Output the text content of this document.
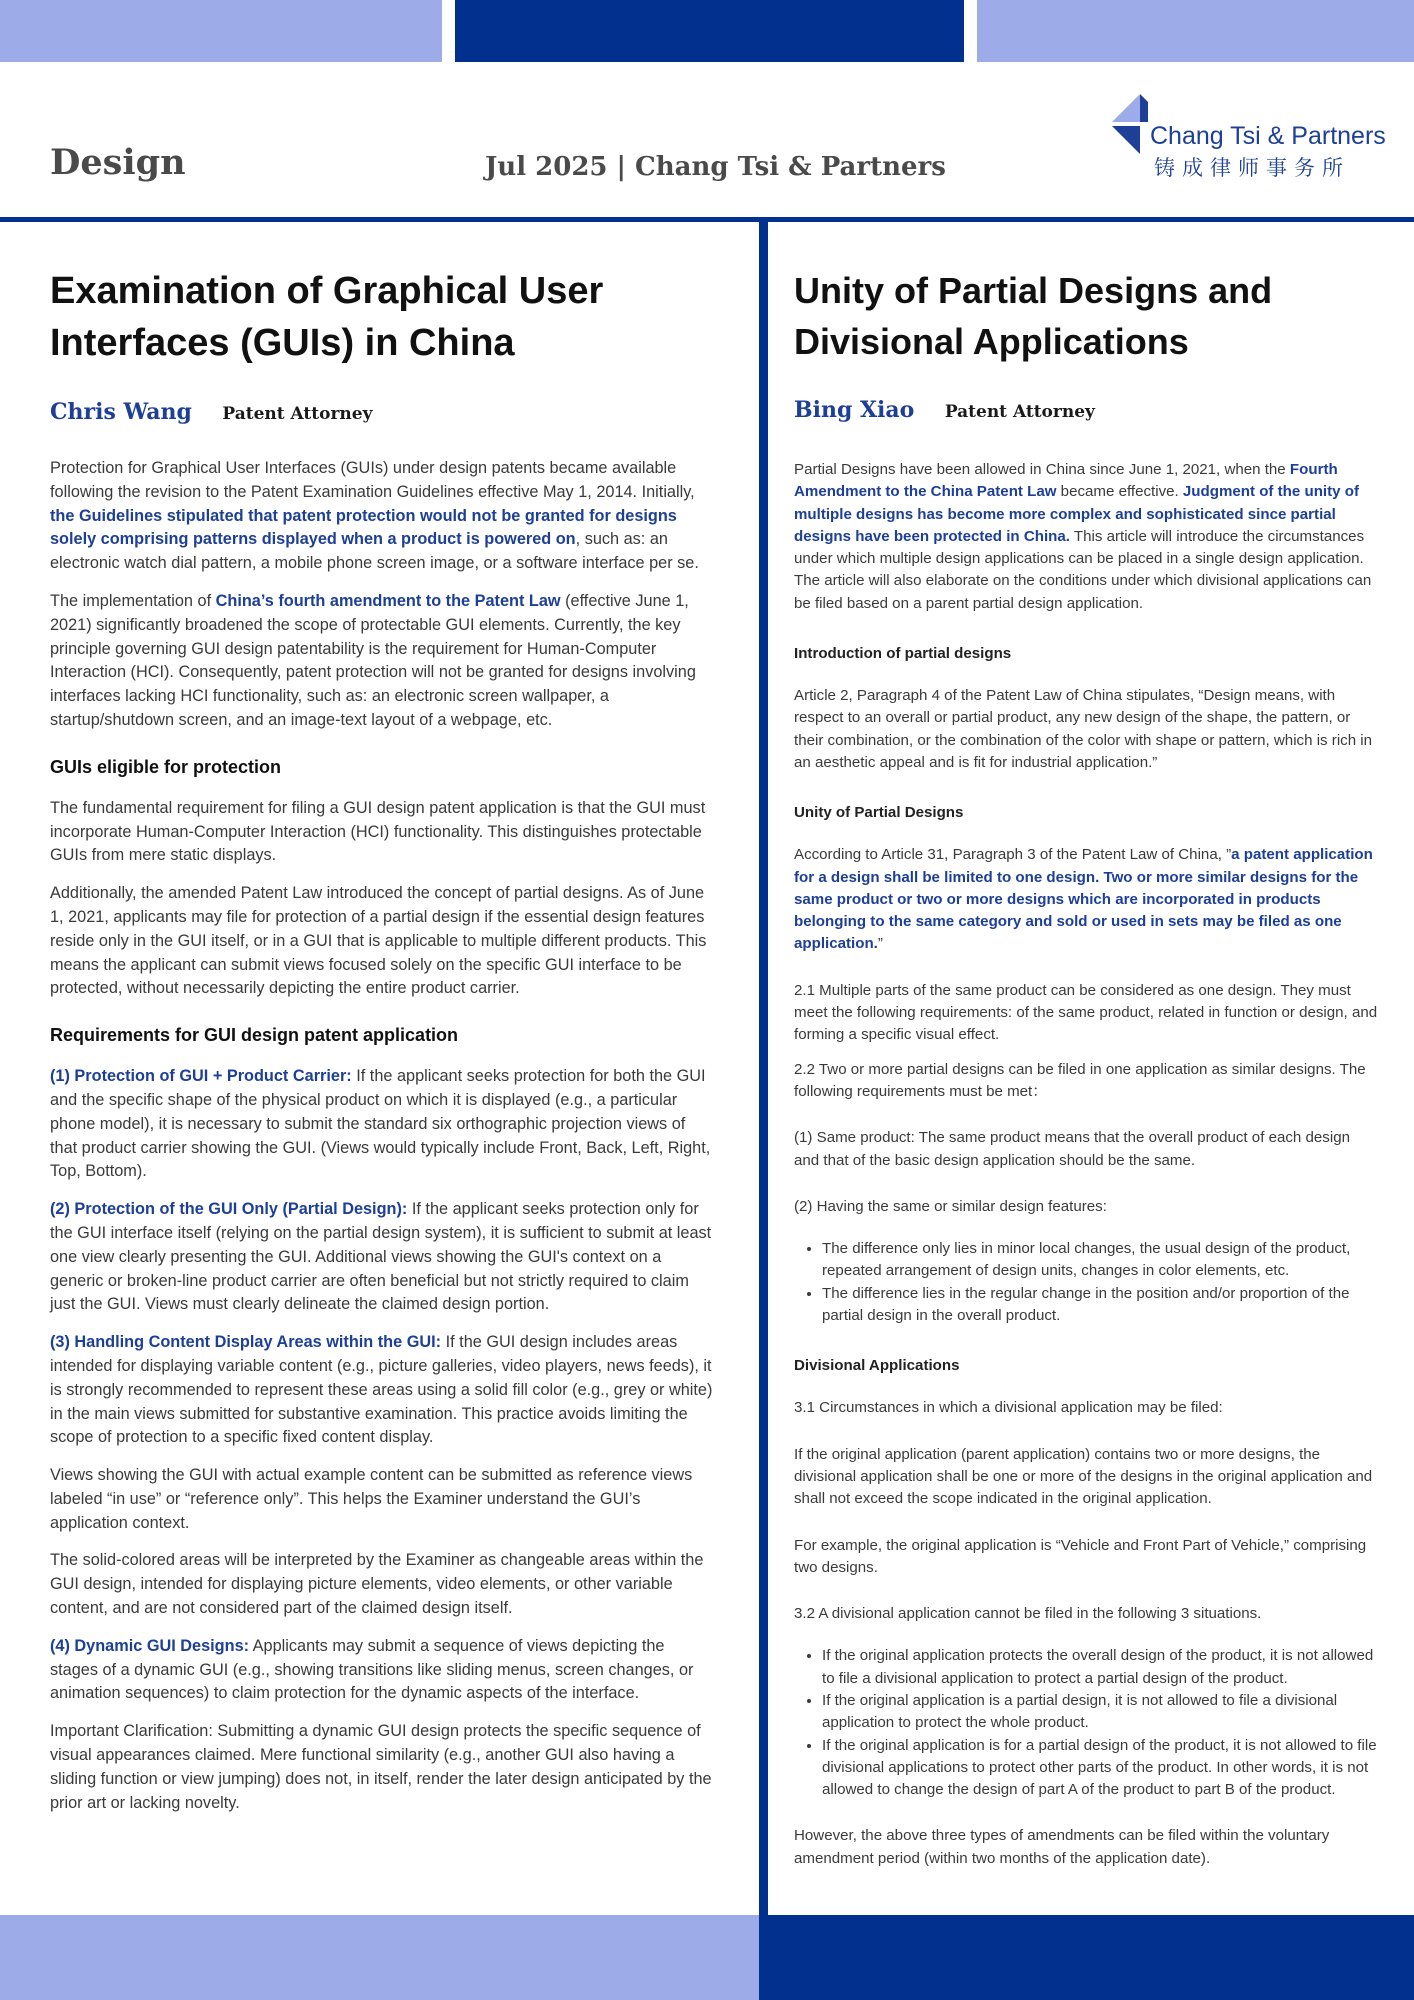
Design	Jul 2025 | Chang Tsi & Partners
Chang Tsi & Partners
铸成律师事务所
Examination of Graphical User Interfaces (GUIs) in China
Chris Wang Patent Attorney

Protection for Graphical User Interfaces (GUIs) under design patents became available following the revision to the Patent Examination Guidelines effective May 1, 2014. Initially, the Guidelines stipulated that patent protection would not be granted for designs solely comprising patterns displayed when a product is powered on, such as: an electronic watch dial pattern, a mobile phone screen image, or a software interface per se.

The implementation of China’s fourth amendment to the Patent Law (effective June 1, 2021) significantly broadened the scope of protectable GUI elements. Currently, the key principle governing GUI design patentability is the requirement for Human-Computer Interaction (HCI). Consequently, patent protection will not be granted for designs involving interfaces lacking HCI functionality, such as: an electronic screen wallpaper, a startup/shutdown screen, and an image-text layout of a webpage, etc.

GUIs eligible for protection

The fundamental requirement for filing a GUI design patent application is that the GUI must incorporate Human-Computer Interaction (HCI) functionality. This distinguishes protectable GUIs from mere static displays.

Additionally, the amended Patent Law introduced the concept of partial designs. As of June 1, 2021, applicants may file for protection of a partial design if the essential design features reside only in the GUI itself, or in a GUI that is applicable to multiple different products. This means the applicant can submit views focused solely on the specific GUI interface to be protected, without necessarily depicting the entire product carrier.

Requirements for GUI design patent application

(1) Protection of GUI + Product Carrier: If the applicant seeks protection for both the GUI and the specific shape of the physical product on which it is displayed (e.g., a particular phone model), it is necessary to submit the standard six orthographic projection views of that product carrier showing the GUI. (Views would typically include Front, Back, Left, Right, Top, Bottom).

(2) Protection of the GUI Only (Partial Design): If the applicant seeks protection only for the GUI interface itself (relying on the partial design system), it is sufficient to submit at least one view clearly presenting the GUI. Additional views showing the GUI's context on a generic or broken-line product carrier are often beneficial but not strictly required to claim just the GUI. Views must clearly delineate the claimed design portion.

(3) Handling Content Display Areas within the GUI: If the GUI design includes areas intended for displaying variable content (e.g., picture galleries, video players, news feeds), it is strongly recommended to represent these areas using a solid fill color (e.g., grey or white) in the main views submitted for substantive examination. This practice avoids limiting the scope of protection to a specific fixed content display.

Views showing the GUI with actual example content can be submitted as reference views labeled “in use” or “reference only”. This helps the Examiner understand the GUI’s application context.

The solid-colored areas will be interpreted by the Examiner as changeable areas within the GUI design, intended for displaying picture elements, video elements, or other variable content, and are not considered part of the claimed design itself.

(4) Dynamic GUI Designs: Applicants may submit a sequence of views depicting the stages of a dynamic GUI (e.g., showing transitions like sliding menus, screen changes, or animation sequences) to claim protection for the dynamic aspects of the interface.

Important Clarification: Submitting a dynamic GUI design protects the specific sequence of visual appearances claimed. Mere functional similarity (e.g., another GUI also having a sliding function or view jumping) does not, in itself, render the later design anticipated by the prior art or lacking novelty.

Unity of Partial Designs and Divisional Applications
Bing Xiao Patent Attorney

Partial Designs have been allowed in China since June 1, 2021, when the Fourth Amendment to the China Patent Law became effective. Judgment of the unity of multiple designs has become more complex and sophisticated since partial designs have been protected in China. This article will introduce the circumstances under which multiple design applications can be placed in a single design application. The article will also elaborate on the conditions under which divisional applications can be filed based on a parent partial design application.

Introduction of partial designs

Article 2, Paragraph 4 of the Patent Law of China stipulates, “Design means, with respect to an overall or partial product, any new design of the shape, the pattern, or their combination, or the combination of the color with shape or pattern, which is rich in an aesthetic appeal and is fit for industrial application.”

Unity of Partial Designs

According to Article 31, Paragraph 3 of the Patent Law of China, ”a patent application for a design shall be limited to one design. Two or more similar designs for the same product or two or more designs which are incorporated in products belonging to the same category and sold or used in sets may be filed as one application.”

2.1 Multiple parts of the same product can be considered as one design. They must meet the following requirements: of the same product, related in function or design, and forming a specific visual effect.

2.2 Two or more partial designs can be filed in one application as similar designs. The following requirements must be met：

(1) Same product: The same product means that the overall product of each design and that of the basic design application should be the same.

(2) Having the same or similar design features:

• The difference only lies in minor local changes, the usual design of the product, repeated arrangement of design units, changes in color elements, etc.
• The difference lies in the regular change in the position and/or proportion of the partial design in the overall product.
Divisional Applications

3.1 Circumstances in which a divisional application may be filed:

If the original application (parent application) contains two or more designs, the divisional application shall be one or more of the designs in the original application and shall not exceed the scope indicated in the original application.

For example, the original application is “Vehicle and Front Part of Vehicle,” comprising two designs.

3.2 A divisional application cannot be filed in the following 3 situations.

• If the original application protects the overall design of the product, it is not allowed to file a divisional application to protect a partial design of the product.
• If the original application is a partial design, it is not allowed to file a divisional application to protect the whole product.
• If the original application is for a partial design of the product, it is not allowed to file divisional applications to protect other parts of the product. In other words, it is not allowed to change the design of part A of the product to part B of the product.

However, the above three types of amendments can be filed within the voluntary amendment period (within two months of the application date).
